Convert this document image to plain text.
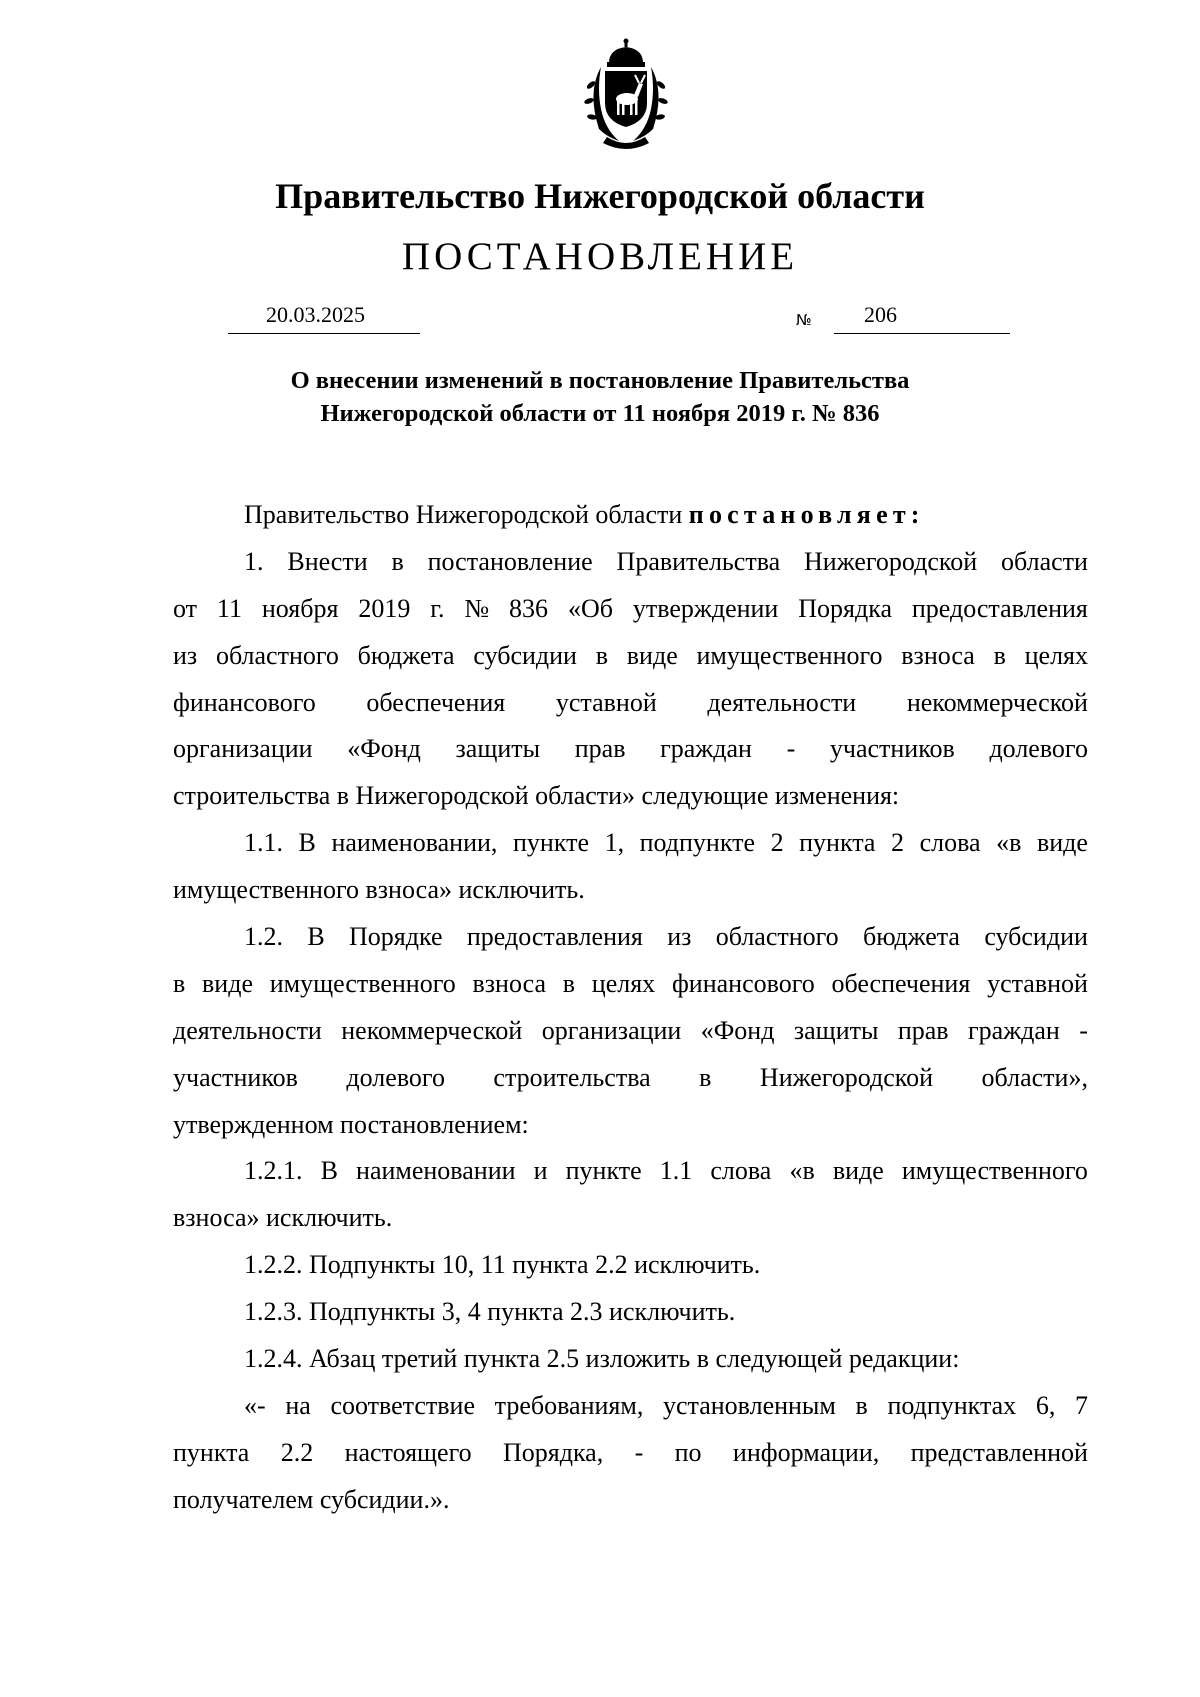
Правительство Нижегородской области
ПОСТАНОВЛЕНИЕ
20.03.2025	№ 206
О внесении изменений в постановление Правительства
Нижегородской области от 11 ноября 2019 г. № 836
Правительство Нижегородской области постановляет:
1. Внести в постановление Правительства Нижегородской области
от 11 ноября 2019 г. № 836 «Об утверждении Порядка предоставления
из областного бюджета субсидии в виде имущественного взноса в целях
финансового обеспечения уставной деятельности некоммерческой
организации «Фонд защиты прав граждан - участников долевого
строительства в Нижегородской области» следующие изменения:
1.1. В наименовании, пункте 1, подпункте 2 пункта 2 слова «в виде
имущественного взноса» исключить.
1.2. В Порядке предоставления из областного бюджета субсидии
в виде имущественного взноса в целях финансового обеспечения уставной
деятельности некоммерческой организации «Фонд защиты прав граждан -
участников долевого строительства в Нижегородской области»,
утвержденном постановлением:
1.2.1. В наименовании и пункте 1.1 слова «в виде имущественного
взноса» исключить.
1.2.2. Подпункты 10, 11 пункта 2.2 исключить.
1.2.3. Подпункты 3, 4 пункта 2.3 исключить.
1.2.4. Абзац третий пункта 2.5 изложить в следующей редакции:
«- на соответствие требованиям, установленным в подпунктах 6, 7
пункта 2.2 настоящего Порядка, - по информации, представленной
получателем субсидии.».
